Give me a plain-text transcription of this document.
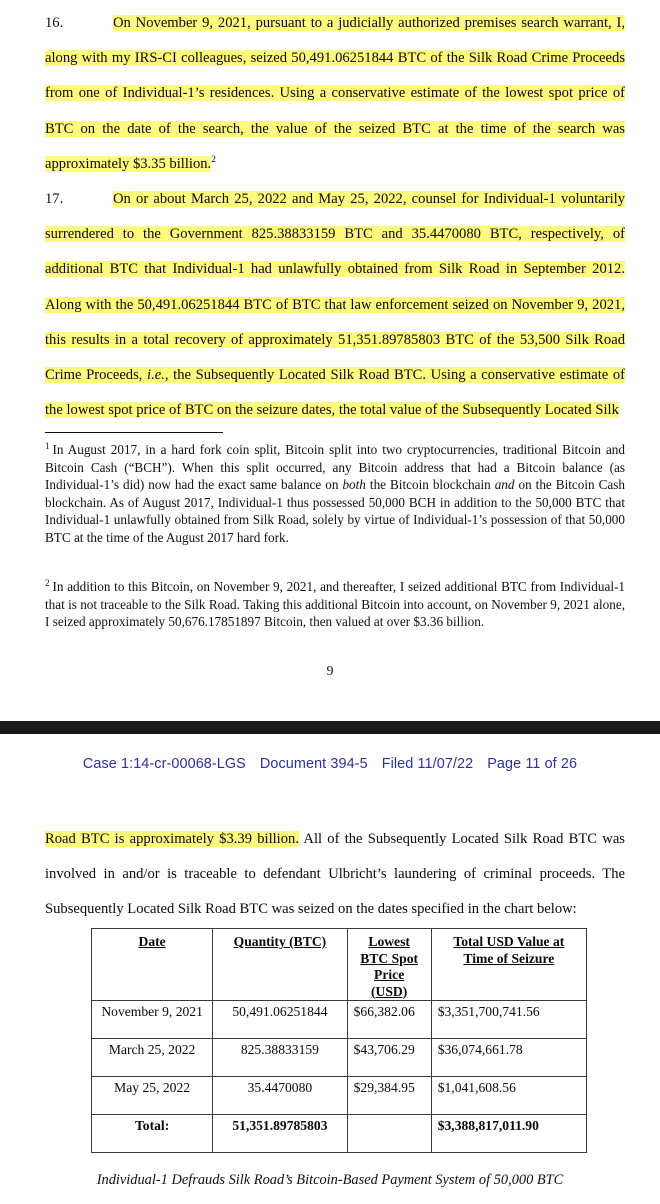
16.	On November 9, 2021, pursuant to a judicially authorized premises search warrant, I, along with my IRS-CI colleagues, seized 50,491.06251844 BTC of the Silk Road Crime Proceeds from one of Individual-1’s residences. Using a conservative estimate of the lowest spot price of BTC on the date of the search, the value of the seized BTC at the time of the search was approximately $3.35 billion.$^2$
17.	On or about March 25, 2022 and May 25, 2022, counsel for Individual-1 voluntarily surrendered to the Government 825.38833159 BTC and 35.4470080 BTC, respectively, of additional BTC that Individual-1 had unlawfully obtained from Silk Road in September 2012. Along with the 50,491.06251844 BTC of BTC that law enforcement seized on November 9, 2021, this results in a total recovery of approximately 51,351.89785803 BTC of the 53,500 Silk Road Crime Proceeds, i.e., the Subsequently Located Silk Road BTC. Using a conservative estimate of the lowest spot price of BTC on the seizure dates, the total value of the Subsequently Located Silk
$^1$ In August 2017, in a hard fork coin split, Bitcoin split into two cryptocurrencies, traditional Bitcoin and Bitcoin Cash (“BCH”). When this split occurred, any Bitcoin address that had a Bitcoin balance (as Individual-1’s did) now had the exact same balance on both the Bitcoin blockchain and on the Bitcoin Cash blockchain. As of August 2017, Individual-1 thus possessed 50,000 BCH in addition to the 50,000 BTC that Individual-1 unlawfully obtained from Silk Road, solely by virtue of Individual-1’s possession of that 50,000 BTC at the time of the August 2017 hard fork.
$^2$ In addition to this Bitcoin, on November 9, 2021, and thereafter, I seized additional BTC from Individual-1 that is not traceable to the Silk Road. Taking this additional Bitcoin into account, on November 9, 2021 alone, I seized approximately 50,676.17851897 Bitcoin, then valued at over $3.36 billion.
9
Case 1:14-cr-00068-LGS Document 394-5 Filed 11/07/22 Page 11 of 26
Road BTC is approximately $3.39 billion. All of the Subsequently Located Silk Road BTC was involved in and/or is traceable to defendant Ulbricht’s laundering of criminal proceeds. The Subsequently Located Silk Road BTC was seized on the dates specified in the chart below:
Date	Quantity (BTC)	Lowest
BTC Spot
Price
(USD)	Total USD Value at
Time of Seizure
November 9, 2021	50,491.06251844	$66,382.06	$3,351,700,741.56
March 25, 2022	825.38833159	$43,706.29	$36,074,661.78
May 25, 2022	35.4470080	$29,384.95	$1,041,608.56
Total:	51,351.89785803		$3,388,817,011.90
Individual-1 Defrauds Silk Road’s Bitcoin-Based Payment System of 50,000 BTC
